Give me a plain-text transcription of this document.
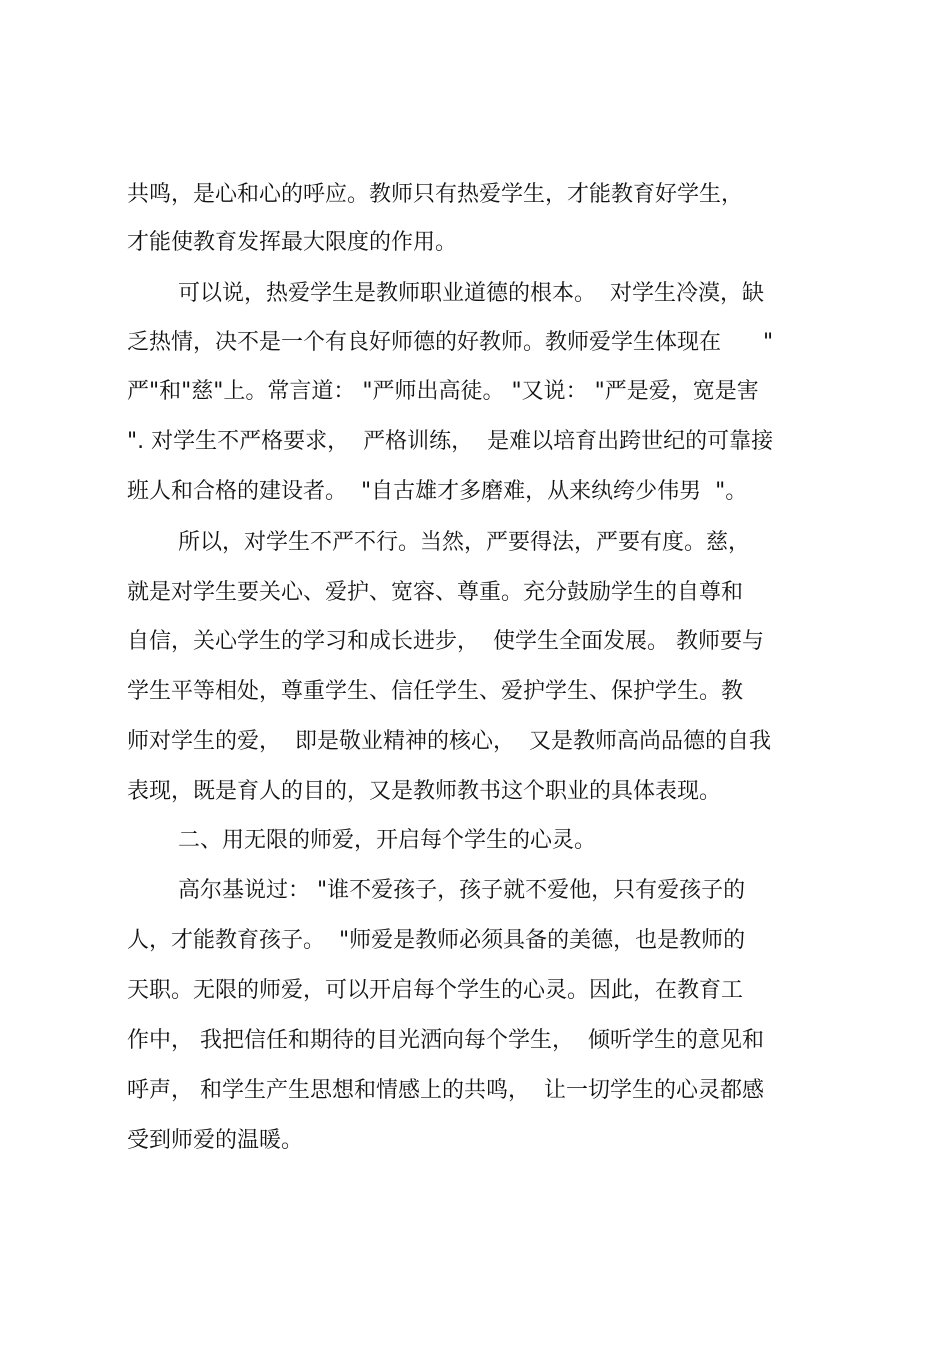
共鸣，是心和心的呼应。教师只有热爱学生，才能教育好学生，
才能使教育发挥最大限度的作用。
可以说，热爱学生是教师职业道德的根本。  对学生冷漠，缺
乏热情，决不是一个有良好师德的好教师。教师爱学生体现在      "
严"和"慈"上。常言道： "严师出高徒。 "又说： "严是爱，宽是害
". 对学生不严格要求，  严格训练，  是难以培育出跨世纪的可靠接
班人和合格的建设者。  "自古雄才多磨难，从来纨绔少伟男  "。
所以，对学生不严不行。当然，严要得法，严要有度。慈，
就是对学生要关心、爱护、宽容、尊重。充分鼓励学生的自尊和
自信，关心学生的学习和成长进步，  使学生全面发展。 教师要与
学生平等相处，尊重学生、信任学生、爱护学生、保护学生。教
师对学生的爱，  即是敬业精神的核心，  又是教师高尚品德的自我
表现，既是育人的目的，又是教师教书这个职业的具体表现。
二、用无限的师爱，开启每个学生的心灵。
高尔基说过： "谁不爱孩子，孩子就不爱他，只有爱孩子的
人，才能教育孩子。  "师爱是教师必须具备的美德，也是教师的
天职。无限的师爱，可以开启每个学生的心灵。因此，在教育工
作中， 我把信任和期待的目光洒向每个学生，  倾听学生的意见和
呼声， 和学生产生思想和情感上的共鸣，  让一切学生的心灵都感
受到师爱的温暖。
